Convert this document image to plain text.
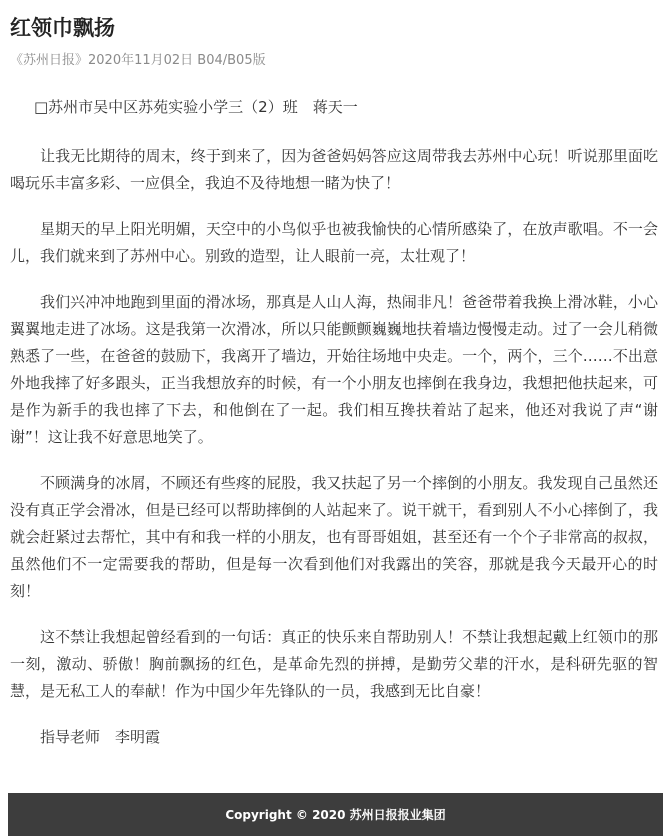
红领巾飘扬
《苏州日报》2020年11月02日 B04/B05版

□苏州市吴中区苏苑实验小学三（2）班　蒋天一

让我无比期待的周末，终于到来了，因为爸爸妈妈答应这周带我去苏州中心玩！听说那里面吃喝玩乐丰富多彩、一应俱全，我迫不及待地想一睹为快了！

星期天的早上阳光明媚，天空中的小鸟似乎也被我愉快的心情所感染了，在放声歌唱。不一会儿，我们就来到了苏州中心。别致的造型，让人眼前一亮，太壮观了！

我们兴冲冲地跑到里面的滑冰场，那真是人山人海，热闹非凡！爸爸带着我换上滑冰鞋，小心翼翼地走进了冰场。这是我第一次滑冰，所以只能颤颤巍巍地扶着墙边慢慢走动。过了一会儿稍微熟悉了一些，在爸爸的鼓励下，我离开了墙边，开始往场地中央走。一个，两个，三个……不出意外地我摔了好多跟头，正当我想放弃的时候，有一个小朋友也摔倒在我身边，我想把他扶起来，可是作为新手的我也摔了下去，和他倒在了一起。我们相互搀扶着站了起来，他还对我说了声“谢谢”！这让我不好意思地笑了。

不顾满身的冰屑，不顾还有些疼的屁股，我又扶起了另一个摔倒的小朋友。我发现自己虽然还没有真正学会滑冰，但是已经可以帮助摔倒的人站起来了。说干就干，看到别人不小心摔倒了，我就会赶紧过去帮忙，其中有和我一样的小朋友，也有哥哥姐姐，甚至还有一个个子非常高的叔叔，虽然他们不一定需要我的帮助，但是每一次看到他们对我露出的笑容，那就是我今天最开心的时刻！

这不禁让我想起曾经看到的一句话：真正的快乐来自帮助别人！不禁让我想起戴上红领巾的那一刻，激动、骄傲！胸前飘扬的红色，是革命先烈的拼搏，是勤劳父辈的汗水，是科研先驱的智慧，是无私工人的奉献！作为中国少年先锋队的一员，我感到无比自豪！

指导老师　李明霞

Copyright © 2020 苏州日报报业集团
